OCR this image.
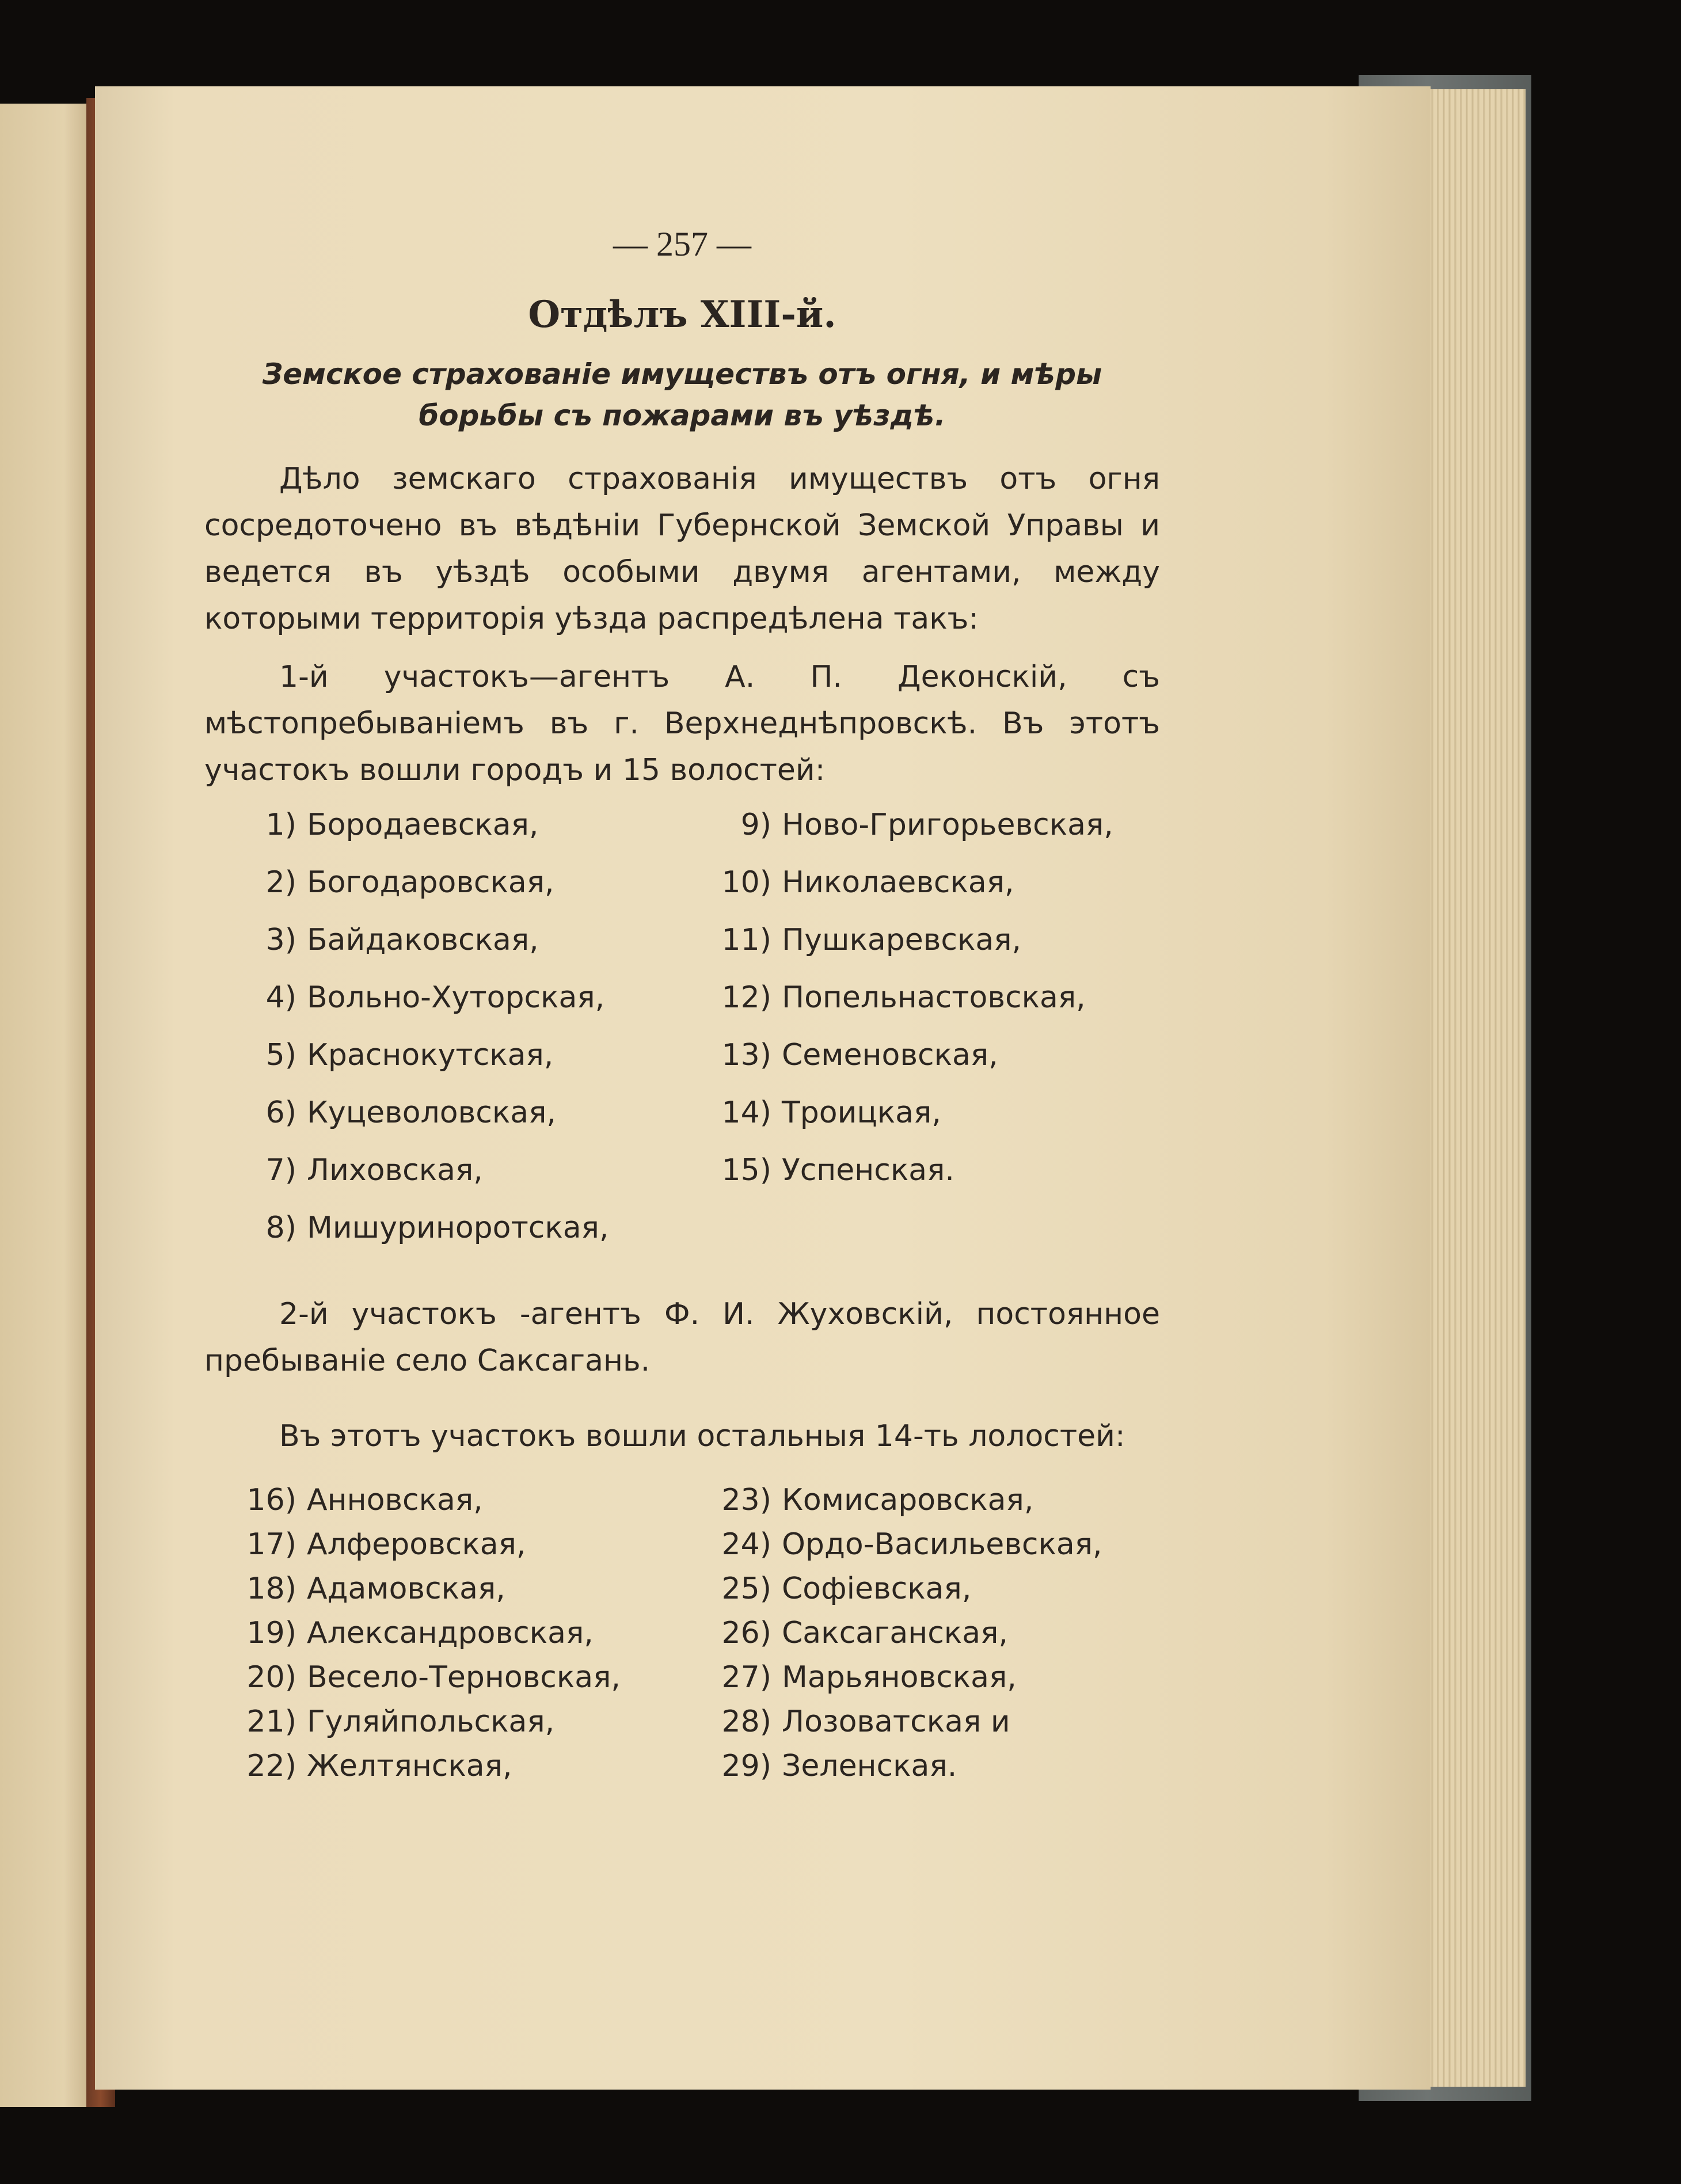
— 257 —
Отдѣлъ XIII-й.
Земское страхованіе имуществъ отъ огня, и мѣры
борьбы съ пожарами въ уѣздѣ.

Дѣло земскаго страхованія имуществъ отъ огня сосредоточено въ вѣдѣніи Губернской Земской Управы и ведется въ уѣздѣ особыми двумя агентами, между которыми территорія уѣзда распредѣлена такъ:

1-й участокъ—агентъ А. П. Деконскій, съ мѣстопребываніемъ въ г. Верхнеднѣпровскѣ. Въ этотъ участокъ вошли городъ и 15 волостей:

1) Бородаевская,
2) Богодаровская,
3) Байдаковская,
4) Вольно-Хуторская,
5) Краснокутская,
6) Куцеволовская,
7) Лиховская,
8) Мишуриноротская,
9) Ново-Григорьевская,
10) Николаевская,
11) Пушкаревская,
12) Попельнастовская,
13) Семеновская,
14) Троицкая,
15) Успенская.

2-й участокъ -агентъ Ф. И. Жуховскій, постоянное пребываніе село Саксагань.

Въ этотъ участокъ вошли остальныя 14-ть лолостей:

16) Анновская,
17) Алферовская,
18) Адамовская,
19) Александровская,
20) Весело-Терновская,
21) Гуляйпольская,
22) Желтянская,
23) Комисаровская,
24) Ордо-Васильевская,
25) Софіевская,
26) Саксаганская,
27) Марьяновская,
28) Лозоватская и
29) Зеленская.
